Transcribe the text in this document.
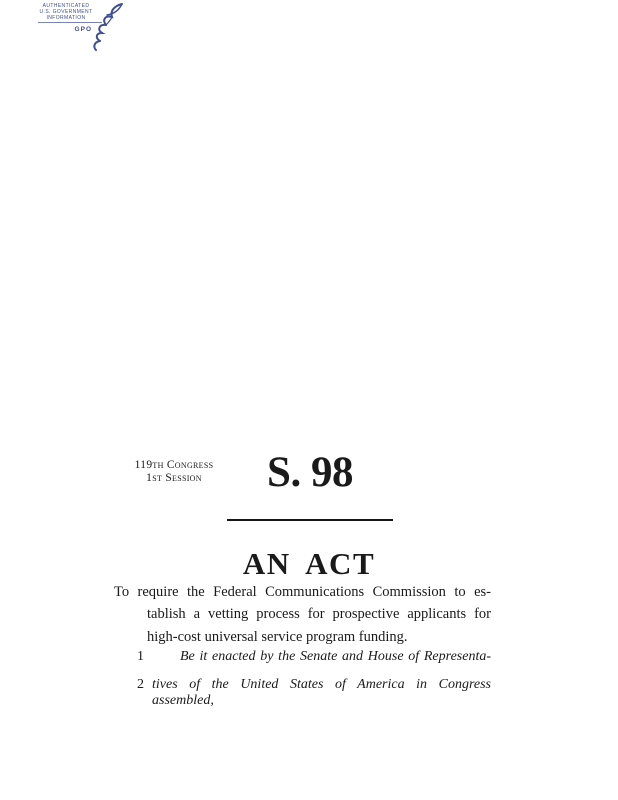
AUTHENTICATED
U.S. GOVERNMENT
INFORMATION
GPO
119th Congress
1st Session	S. 98
AN ACT
To require the Federal Communications Commission to es-
tablish a vetting process for prospective applicants for
high-cost universal service program funding.
1	Be it enacted by the Senate and House of Representa-
2 tives of the United States of America in Congress assembled,
